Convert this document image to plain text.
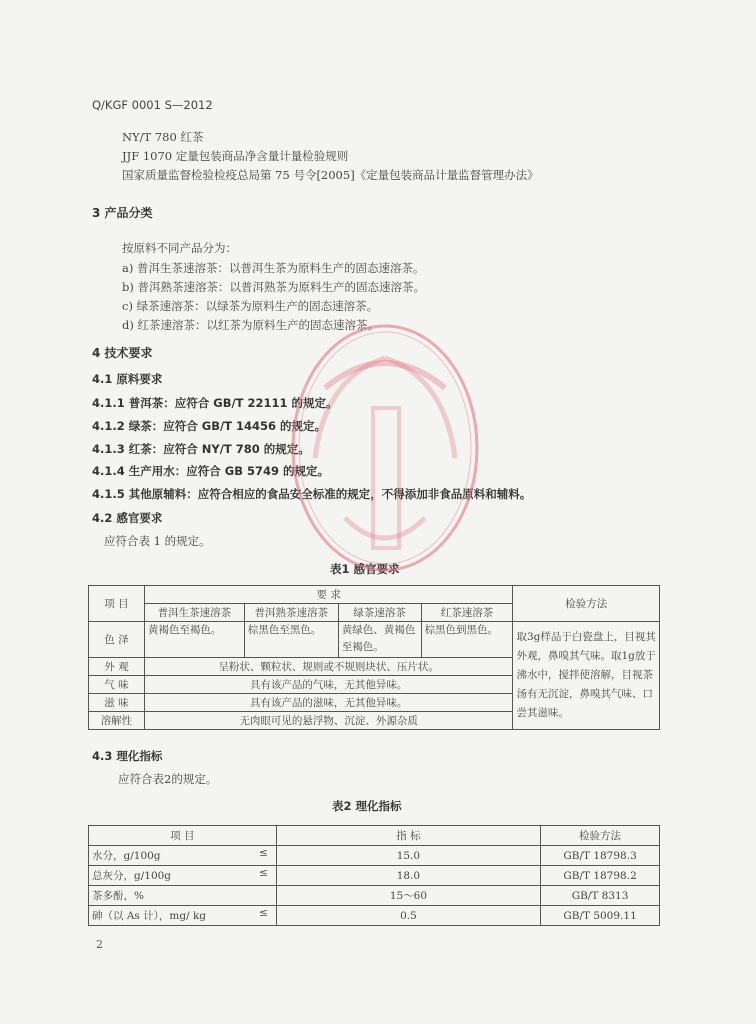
Q/KGF 0001 S—2012
NY/T 780 红茶
JJF 1070 定量包装商品净含量计量检验规则
国家质量监督检验检疫总局第 75 号令[2005]《定量包装商品计量监督管理办法》
3 产品分类
按原料不同产品分为：
a) 普洱生茶速溶茶：以普洱生茶为原料生产的固态速溶茶。
b) 普洱熟茶速溶茶：以普洱熟茶为原料生产的固态速溶茶。
c) 绿茶速溶茶：以绿茶为原料生产的固态速溶茶。
d) 红茶速溶茶：以红茶为原料生产的固态速溶茶。
4 技术要求
4.1 原料要求
4.1.1 普洱茶：应符合 GB/T 22111 的规定。
4.1.2 绿茶：应符合 GB/T 14456 的规定。
4.1.3 红茶：应符合 NY/T 780 的规定。
4.1.4 生产用水：应符合 GB 5749 的规定。
4.1.5 其他原辅料：应符合相应的食品安全标准的规定，不得添加非食品原料和辅料。
4.2 感官要求
应符合表 1 的规定。
表1 感官要求
项 目	要 求				检验方法
	普洱生茶速溶茶	普洱熟茶速溶茶	绿茶速溶茶	红茶速溶茶	
色 泽	黄褐色至褐色。	棕黑色至黑色。	黄绿色、黄褐色至褐色。	棕黑色到黑色。	取3g样品于白瓷盘上，目视其外观，鼻嗅其气味。取1g放于沸水中，搅拌使溶解，目视茶汤有无沉淀，鼻嗅其气味、口尝其滋味。
外 观	呈粉状、颗粒状、规则或不规则块状、压片状。				
气 味	具有该产品的气味，无其他异味。				
滋 味	具有该产品的滋味，无其他异味。				
溶解性	无肉眼可见的悬浮物、沉淀、外源杂质				
4.3 理化指标
应符合表2的规定。
表2 理化指标
项 目	指 标	检验方法
水分，g/100g ≤	15.0	GB/T 18798.3
总灰分，g/100g ≤	18.0	GB/T 18798.2
茶多酚，%	15～60	GB/T 8313
砷（以 As 计），mg/ kg ≤	0.5	GB/T 5009.11
2
